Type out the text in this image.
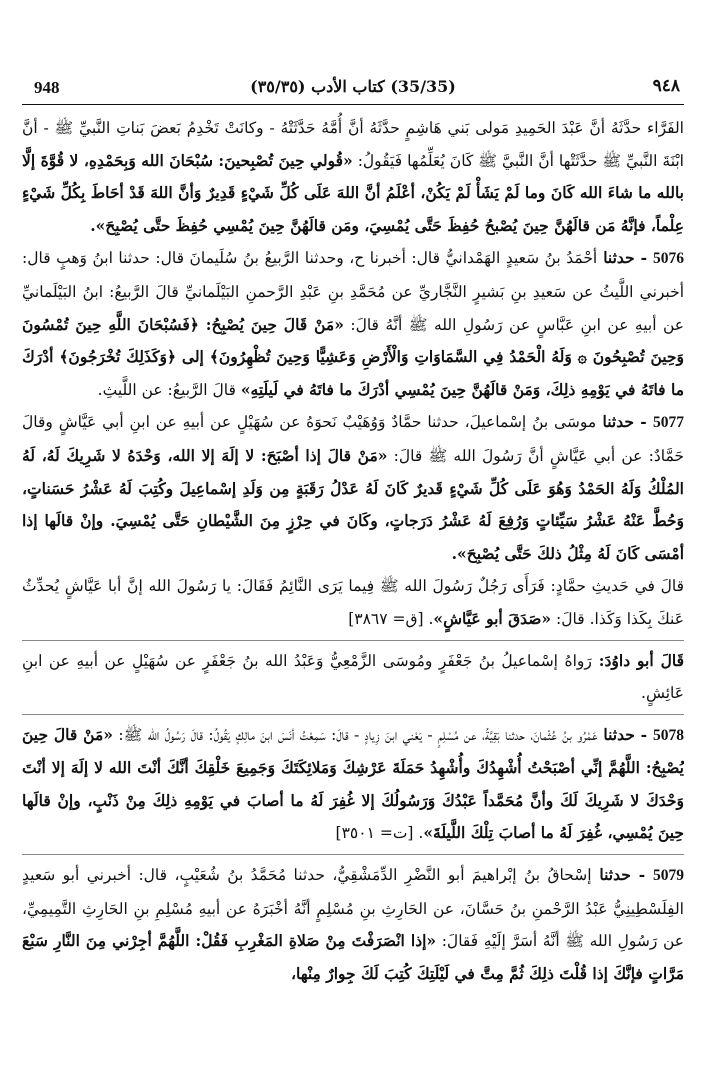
948	(35/35) كتاب الأدب (٣٥/٣٥)	٩٤٨

الفَرَّاء حدَّثَهُ أنَّ عَبْدَ الحَمِيدِ مَولى بَني هَاشِمٍ حدَّثَهُ أنَّ أُمَّهُ حَدَّثَتْهُ - وكانَتْ تَخْدِمُ بَعضَ بَناتِ النَّبيِّ ﷺ - أنَّ ابْنَةَ النَّبيِّ ﷺ حدَّثَتْها أنَّ النَّبيَّ ﷺ كَانَ يُعَلِّمُها فَيَقُولُ: «قُولي حِينَ تُصْبِحينَ: سُبْحَانَ الله وَبِحَمْدِهِ، لا قُوَّةَ إلَّا بالله ما شاءَ الله كَانَ وما لَمْ يَشَأْ لَمْ يَكُنْ، أعْلَمُ أنَّ اللهَ عَلَى كُلِّ شَيْءٍ قَدِيرٌ وَأنَّ اللهَ قَدْ أحَاطَ بِكُلِّ شَيْءٍ عِلْماً، فإنَّهُ مَن قالَهُنَّ حِينَ يُصْبحُ حُفِظَ حَتَّى يُمْسِيَ، ومَن قالَهُنَّ حِينَ يُمْسِي حُفِظَ حتَّى يُصْبِحَ».

5076 - حدثنا أحْمَدُ بنُ سَعيدٍ الهَمْدانيُّ قال: أخبرنا ح، وحدثنا الرَّبيعُ بنُ سُلَيمانَ قال: حدثنا ابنُ وَهبٍ قال: أخبرني اللَّيثُ عن سَعيدِ بنِ بَشيرٍ النَّجَّاريِّ عن مُحَمَّدِ بنِ عَبْدِ الرَّحمنِ البَيْلَمانيِّ قالَ الرَّبيعُ: ابنُ البَيْلَمانيِّ عن أبيهِ عن ابنِ عَبَّاسٍ عن رَسُولِ الله ﷺ أنَّهُ قالَ: «مَنْ قَالَ حِينَ يُصْبِحُ: ﴿فَسُبْحَانَ اللَّهِ حِينَ تُمْسُونَ وَحِينَ تُصْبِحُونَ ۞ وَلَهُ الْحَمْدُ فِي السَّمَاوَاتِ وَالْأَرْضِ وَعَشِيًّا وَحِينَ تُظْهِرُونَ﴾ إلى ﴿وَكَذَلِكَ تُخْرَجُونَ﴾ أدْرَكَ ما فاتَهُ في يَوْمِهِ ذلِكَ، وَمَنْ قالَهُنَّ حِينَ يُمْسِي أدْرَكَ ما فاتَهُ في لَيلَتِهِ» قالَ الرَّبيعُ: عن اللَّيثِ.

5077 - حدثنا موسَى بنُ إسْماعيلَ، حدثنا حمَّادٌ وَوُهَيْبٌ نَحوَهُ عن سُهَيْلٍ عن أبيهِ عن ابنِ أبي عَيَّاشٍ وقالَ حَمَّادٌ: عن أبي عَيَّاشٍ أنَّ رَسُولَ الله ﷺ قالَ: «مَنْ قالَ إذا أصْبَحَ: لا إلَهَ إلا الله، وَحْدَهُ لا شَرِيكَ لَهُ، لَهُ المُلْكُ وَلَهُ الحَمْدُ وَهُوَ عَلَى كُلِّ شَيْءٍ قَديرٌ كَانَ لَهُ عَدْلُ رَقَبَةٍ مِن وَلَدِ إسْماعِيلَ وكُتِبَ لَهُ عَشْرُ حَسَناتٍ، وَحُطَّ عَنْهُ عَشْرُ سَيِّئاتٍ وَرُفِعَ لَهُ عَشْرُ دَرَجاتٍ، وكَانَ في حِرْزٍ مِنَ الشَّيْطانِ حَتَّى يُمْسِيَ. وإنْ قالَها إذا أمْسَى كَانَ لَهُ مِثْلُ ذلكَ حَتَّى يُصْبِحَ».

قالَ في حَديثِ حمَّادٍ: فَرَأَى رَجُلٌ رَسُولَ الله ﷺ فِيما يَرَى النَّائِمُ فَقَالَ: يا رَسُولَ الله إنَّ أبا عَيَّاشٍ يُحدِّثُ عَنكَ بِكَذا وَكَذا. قالَ: «صَدَقَ أبو عَيَّاشٍ». [ق= ٣٨٦٧]

قَالَ أبو داوُدَ: رَواهُ إسْماعيلُ بنُ جَعْفَرٍ ومُوسَى الزَّمْعِيُّ وَعَبْدُ الله بنُ جَعْفَرٍ عن سُهَيْلٍ عن أبيهِ عن ابنِ عَائِشٍ.

5078 - حدثنا عَمْرُو بنُ عُثْمانَ، حدثنا بَقِيَّةُ، عن مُسْلِمٍ - يَعْني ابنَ زِيادٍ - قالَ: سَمِعْتُ أنَسَ ابنَ مالِكٍ يَقُولُ: قالَ رَسُولُ الله ﷺ: «مَنْ قالَ حِينَ يُصْبِحُ: اللَّهُمَّ إنِّي أصْبَحْتُ أُشْهِدُكَ وأُشْهِدُ حَمَلَةَ عَرْشِكَ وَمَلائِكَتَكَ وَجَمِيعَ خَلْقِكَ أنَّكَ أنْتَ الله لا إلَهَ إلا أنْتَ وَحْدَكَ لا شَرِيكَ لَكَ وأنَّ مُحَمَّداً عَبْدُكَ وَرَسُولُكَ إلا غُفِرَ لَهُ ما أصابَ في يَوْمِهِ ذلِكَ مِنْ ذَنْبٍ، وإنْ قالَها حِينَ يُمْسِي، غُفِرَ لَهُ ما أصابَ تِلْكَ اللَّيلَةَ». [ت= ٣٥٠١]

5079 - حدثنا إسْحاقُ بنُ إبْراهيمَ أبو النَّضْرِ الدِّمَشْقِيُّ، حدثنا مُحَمَّدُ بنُ شُعَيْبٍ، قال: أخبرني أبو سَعيدٍ الفِلَسْطِينِيُّ عَبْدُ الرَّحْمنِ بنُ حَسَّانَ، عن الحَارِثِ بنِ مُسْلِمٍ أنَّهُ أخْبَرَهُ عن أبيهِ مُسْلِمِ بنِ الحَارِثِ التَّمِيمِيِّ، عن رَسُولِ الله ﷺ أنَّهُ أسَرَّ إلَيْهِ فَقالَ: «إذا انْصَرَفْتَ مِنْ صَلاةِ المَغْرِبِ فَقُلْ: اللَّهُمَّ أجِرْني مِنَ النَّارِ سَبْعَ مَرَّاتٍ فإنَّكَ إذا قُلْتَ ذلِكَ ثُمَّ مِتَّ في لَيْلَتِكَ كُتِبَ لَكَ جِوارٌ مِنْها،
